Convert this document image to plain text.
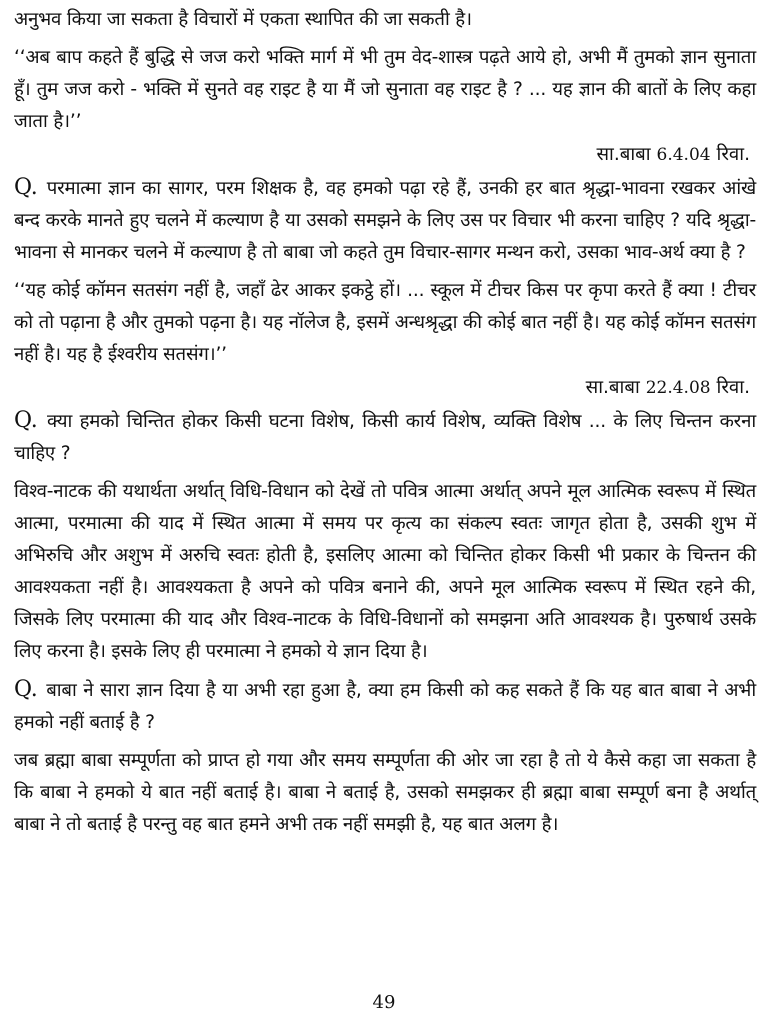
अनुभव किया जा सकता है विचारों में एकता स्थापित की जा सकती है।

‘‘अब बाप कहते हैं बुद्धि से जज करो भक्ति मार्ग में भी तुम वेद-शास्त्र पढ़ते आये हो, अभी मैं तुमको ज्ञान सुनाता हूँ। तुम जज करो - भक्ति में सुनते वह राइट है या मैं जो सुनाता वह राइट है ? ... यह ज्ञान की बातों के लिए कहा जाता है।’’

सा.बाबा 6.4.04 रिवा.

Q. परमात्मा ज्ञान का सागर, परम शिक्षक है, वह हमको पढ़ा रहे हैं, उनकी हर बात श्रृद्धा-भावना रखकर आंखे बन्द करके मानते हुए चलने में कल्याण है या उसको समझने के लिए उस पर विचार भी करना चाहिए ? यदि श्रृद्धा-भावना से मानकर चलने में कल्याण है तो बाबा जो कहते तुम विचार-सागर मन्थन करो, उसका भाव-अर्थ क्या है ?

‘‘यह कोई कॉमन सतसंग नहीं है, जहाँ ढेर आकर इकट्ठे हों। ... स्कूल में टीचर किस पर कृपा करते हैं क्या ! टीचर को तो पढ़ाना है और तुमको पढ़ना है। यह नॉलेज है, इसमें अन्धश्रृद्धा की कोई बात नहीं है। यह कोई कॉमन सतसंग नहीं है। यह है ईश्वरीय सतसंग।’’

सा.बाबा 22.4.08 रिवा.

Q. क्या हमको चिन्तित होकर किसी घटना विशेष, किसी कार्य विशेष, व्यक्ति विशेष ... के लिए चिन्तन करना चाहिए ?

विश्व-नाटक की यथार्थता अर्थात् विधि-विधान को देखें तो पवित्र आत्मा अर्थात् अपने मूल आत्मिक स्वरूप में स्थित आत्मा, परमात्मा की याद में स्थित आत्मा में समय पर कृत्य का संकल्प स्वतः जागृत होता है, उसकी शुभ में अभिरुचि और अशुभ में अरुचि स्वतः होती है, इसलिए आत्मा को चिन्तित होकर किसी भी प्रकार के चिन्तन की आवश्यकता नहीं है। आवश्यकता है अपने को पवित्र बनाने की, अपने मूल आत्मिक स्वरूप में स्थित रहने की, जिसके लिए परमात्मा की याद और विश्व-नाटक के विधि-विधानों को समझना अति आवश्यक है। पुरुषार्थ उसके लिए करना है। इसके लिए ही परमात्मा ने हमको ये ज्ञान दिया है।

Q. बाबा ने सारा ज्ञान दिया है या अभी रहा हुआ है, क्या हम किसी को कह सकते हैं कि यह बात बाबा ने अभी हमको नहीं बताई है ?

जब ब्रह्मा बाबा सम्पूर्णता को प्राप्त हो गया और समय सम्पूर्णता की ओर जा रहा है तो ये कैसे कहा जा सकता है कि बाबा ने हमको ये बात नहीं बताई है। बाबा ने बताई है, उसको समझकर ही ब्रह्मा बाबा सम्पूर्ण बना है अर्थात् बाबा ने तो बताई है परन्तु वह बात हमने अभी तक नहीं समझी है, यह बात अलग है।

49
